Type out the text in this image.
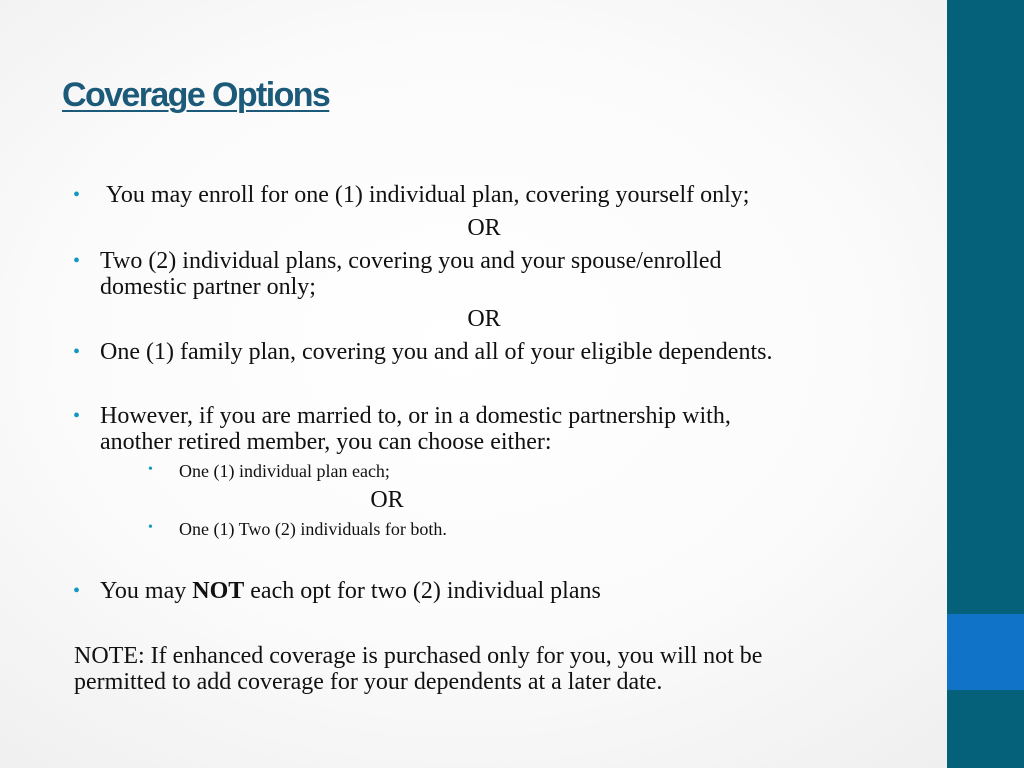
Coverage Options
• You may enroll for one (1) individual plan, covering yourself only;
OR
• Two (2) individual plans, covering you and your spouse/enrolled
domestic partner only;
OR
• One (1) family plan, covering you and all of your eligible dependents.
• However, if you are married to, or in a domestic partnership with,
another retired member, you can choose either:
• One (1) individual plan each;
OR
• One (1) Two (2) individuals for both.
• You may NOT each opt for two (2) individual plans
NOTE: If enhanced coverage is purchased only for you, you will not be
permitted to add coverage for your dependents at a later date.
